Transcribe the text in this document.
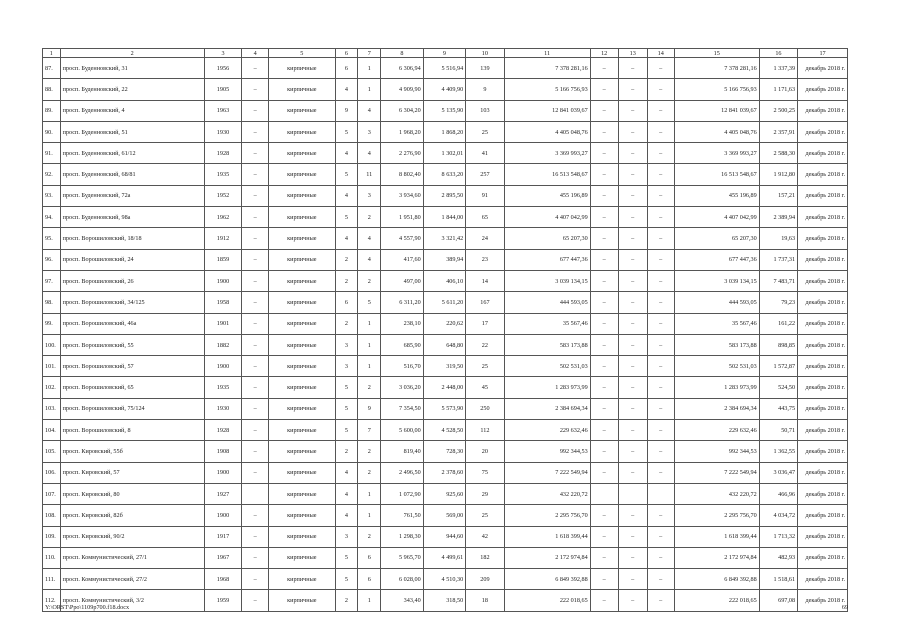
1	2	3	4	5	6	7	8	9	10	11	12	13	14	15	16	17
87.	просп. Буденновский, 31	1956	–	кирпичные	6	1	6 306,94	5 516,94	139	7 378 281,16	–	–	–	7 378 281,16	1 337,39	декабрь 2018 г.
88.	просп. Буденновский, 22	1905	–	кирпичные	4	1	4 909,90	4 409,90	9	5 166 756,93	–	–	–	5 166 756,93	1 171,63	декабрь 2018 г.
89.	просп. Буденновский, 4	1963	–	кирпичные	9	4	6 304,20	5 135,90	103	12 841 039,67	–	–	–	12 841 039,67	2 500,25	декабрь 2018 г.
90.	просп. Буденновский, 51	1930	–	кирпичные	5	3	1 968,20	1 868,20	25	4 405 048,76	–	–	–	4 405 048,76	2 357,91	декабрь 2018 г.
91.	просп. Буденновский, 61/12	1928	–	кирпичные	4	4	2 276,90	1 302,01	41	3 369 993,27	–	–	–	3 369 993,27	2 588,30	декабрь 2018 г.
92.	просп. Буденновский, 68/81	1935	–	кирпичные	5	11	8 802,40	8 633,20	257	16 513 548,67	–	–	–	16 513 548,67	1 912,80	декабрь 2018 г.
93.	просп. Буденновский, 72а	1952	–	кирпичные	4	3	3 934,60	2 895,50	91	455 196,89	–	–	–	455 196,89	157,21	декабрь 2018 г.
94.	просп. Буденновский, 98а	1962	–	кирпичные	5	2	1 951,80	1 844,00	65	4 407 042,99	–	–	–	4 407 042,99	2 389,94	декабрь 2018 г.
95.	просп. Ворошиловский, 18/18	1912	–	кирпичные	4	4	4 557,90	3 321,42	24	65 207,30	–	–	–	65 207,30	19,63	декабрь 2018 г.
96.	просп. Ворошиловский, 24	1859	–	кирпичные	2	4	417,60	389,94	23	677 447,36	–	–	–	677 447,36	1 737,31	декабрь 2018 г.
97.	просп. Ворошиловский, 26	1900	–	кирпичные	2	2	497,00	406,10	14	3 039 134,15	–	–	–	3 039 134,15	7 483,71	декабрь 2018 г.
98.	просп. Ворошиловский, 34/125	1958	–	кирпичные	6	5	6 311,20	5 611,20	167	444 593,05	–	–	–	444 593,05	79,23	декабрь 2018 г.
99.	просп. Ворошиловский, 46а	1901	–	кирпичные	2	1	238,10	220,62	17	35 567,46	–	–	–	35 567,46	161,22	декабрь 2018 г.
100.	просп. Ворошиловский, 55	1882	–	кирпичные	3	1	685,90	648,80	22	583 173,88	–	–	–	583 173,88	898,85	декабрь 2018 г.
101.	просп. Ворошиловский, 57	1900	–	кирпичные	3	1	516,70	319,50	25	502 531,03	–	–	–	502 531,03	1 572,87	декабрь 2018 г.
102.	просп. Ворошиловский, 65	1935	–	кирпичные	5	2	3 036,20	2 448,00	45	1 283 973,99	–	–	–	1 283 973,99	524,50	декабрь 2018 г.
103.	просп. Ворошиловский, 75/124	1930	–	кирпичные	5	9	7 354,50	5 573,90	250	2 384 694,34	–	–	–	2 384 694,34	443,75	декабрь 2018 г.
104.	просп. Ворошиловский, 8	1928	–	кирпичные	5	7	5 600,00	4 528,50	112	229 632,46	–	–	–	229 632,46	50,71	декабрь 2018 г.
105.	просп. Кировский, 55б	1908	–	кирпичные	2	2	819,40	728,30	20	992 344,53	–	–	–	992 344,53	1 362,55	декабрь 2018 г.
106.	просп. Кировский, 57	1900	–	кирпичные	4	2	2 496,50	2 378,60	75	7 222 549,94	–	–	–	7 222 549,94	3 036,47	декабрь 2018 г.
107.	просп. Кировский, 80	1927		кирпичные	4	1	1 072,90	925,60	29	432 220,72				432 220,72	466,96	декабрь 2018 г.
108.	просп. Кировский, 82б	1900	–	кирпичные	4	1	761,50	569,00	25	2 295 756,70	–	–	–	2 295 756,70	4 034,72	декабрь 2018 г.
109.	просп. Кировский, 90/2	1917	–	кирпичные	3	2	1 298,30	944,60	42	1 618 399,44	–	–	–	1 618 399,44	1 713,32	декабрь 2018 г.
110.	просп. Коммунистический, 27/1	1967	–	кирпичные	5	6	5 965,70	4 499,61	182	2 172 974,84	–	–	–	2 172 974,84	482,93	декабрь 2018 г.
111.	просп. Коммунистический, 27/2	1968	–	кирпичные	5	6	6 028,00	4 510,30	209	6 849 392,88	–	–	–	6 849 392,88	1 518,61	декабрь 2018 г.
112.	просп. Коммунистический, 3/2	1959	–	кирпичные	2	1	343,40	318,50	18	222 018,65	–	–	–	222 018,65	697,08	декабрь 2018 г.
Y:\ORST\Ppo\1109p700.f18.docx	69
